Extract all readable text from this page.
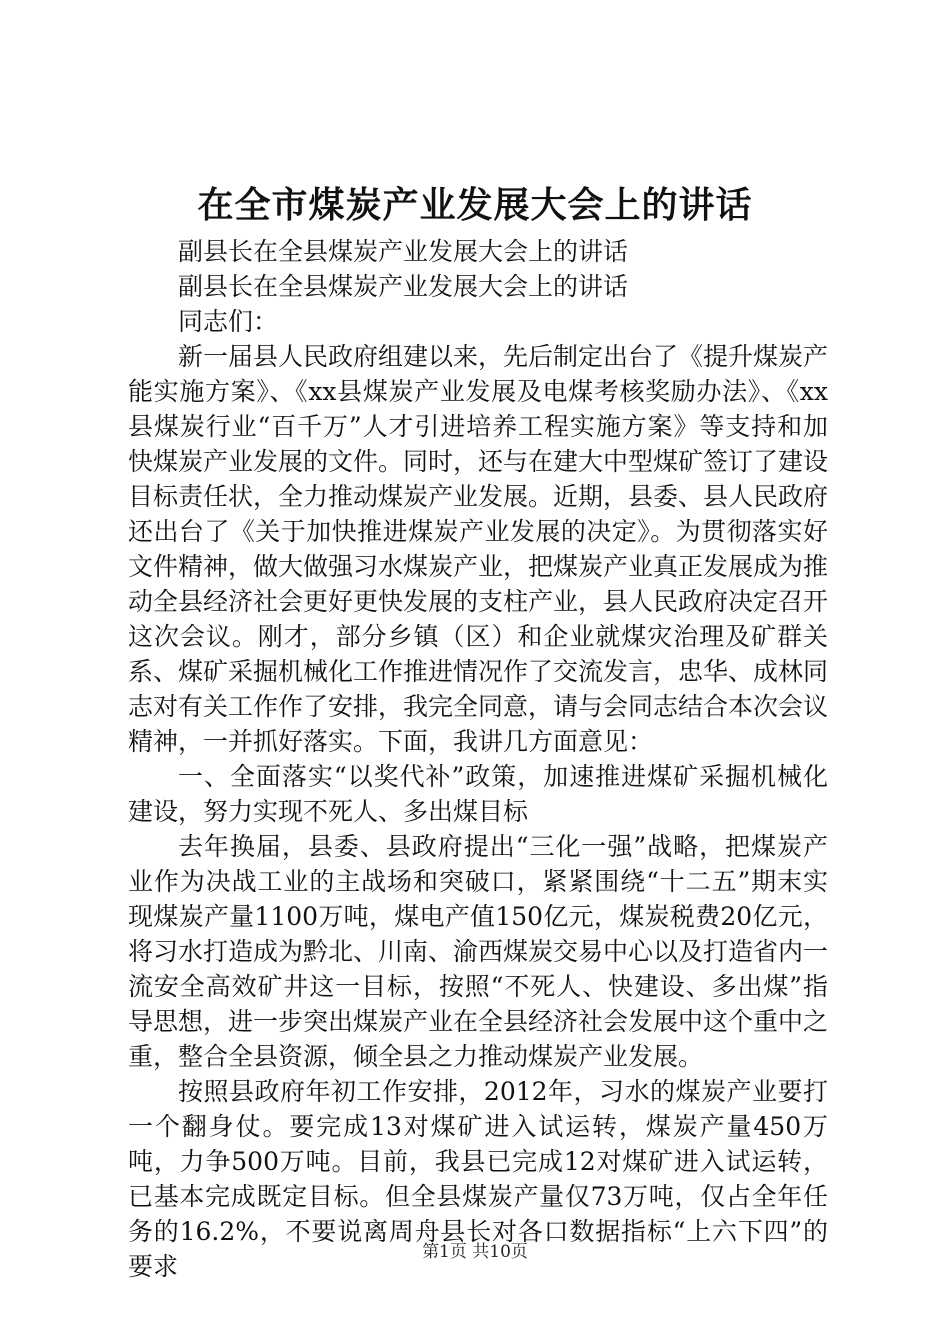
在全市煤炭产业发展大会上的讲话

副县长在全县煤炭产业发展大会上的讲话

副县长在全县煤炭产业发展大会上的讲话

同志们：

新一届县人民政府组建以来，先后制定出台了《提升煤炭产能实施方案》、《xx县煤炭产业发展及电煤考核奖励办法》、《xx县煤炭行业“百千万”人才引进培养工程实施方案》等支持和加快煤炭产业发展的文件。同时，还与在建大中型煤矿签订了建设目标责任状，全力推动煤炭产业发展。近期，县委、县人民政府还出台了《关于加快推进煤炭产业发展的决定》。为贯彻落实好文件精神，做大做强习水煤炭产业，把煤炭产业真正发展成为推动全县经济社会更好更快发展的支柱产业，县人民政府决定召开这次会议。刚才，部分乡镇（区）和企业就煤灾治理及矿群关系、煤矿采掘机械化工作推进情况作了交流发言，忠华、成林同志对有关工作作了安排，我完全同意，请与会同志结合本次会议精神，一并抓好落实。下面，我讲几方面意见：

一、全面落实“以奖代补”政策，加速推进煤矿采掘机械化建设，努力实现不死人、多出煤目标

去年换届，县委、县政府提出“三化一强”战略，把煤炭产业作为决战工业的主战场和突破口，紧紧围绕“十二五”期末实现煤炭产量1100万吨，煤电产值150亿元，煤炭税费20亿元，将习水打造成为黔北、川南、渝西煤炭交易中心以及打造省内一流安全高效矿井这一目标，按照“不死人、快建设、多出煤”指导思想，进一步突出煤炭产业在全县经济社会发展中这个重中之重，整合全县资源，倾全县之力推动煤炭产业发展。

按照县政府年初工作安排，2012年，习水的煤炭产业要打一个翻身仗。要完成13对煤矿进入试运转，煤炭产量450万吨，力争500万吨。目前，我县已完成12对煤矿进入试运转，已基本完成既定目标。但全县煤炭产量仅73万吨，仅占全年任务的16.2%，不要说离周舟县长对各口数据指标“上六下四”的要求	第1页 共10页
